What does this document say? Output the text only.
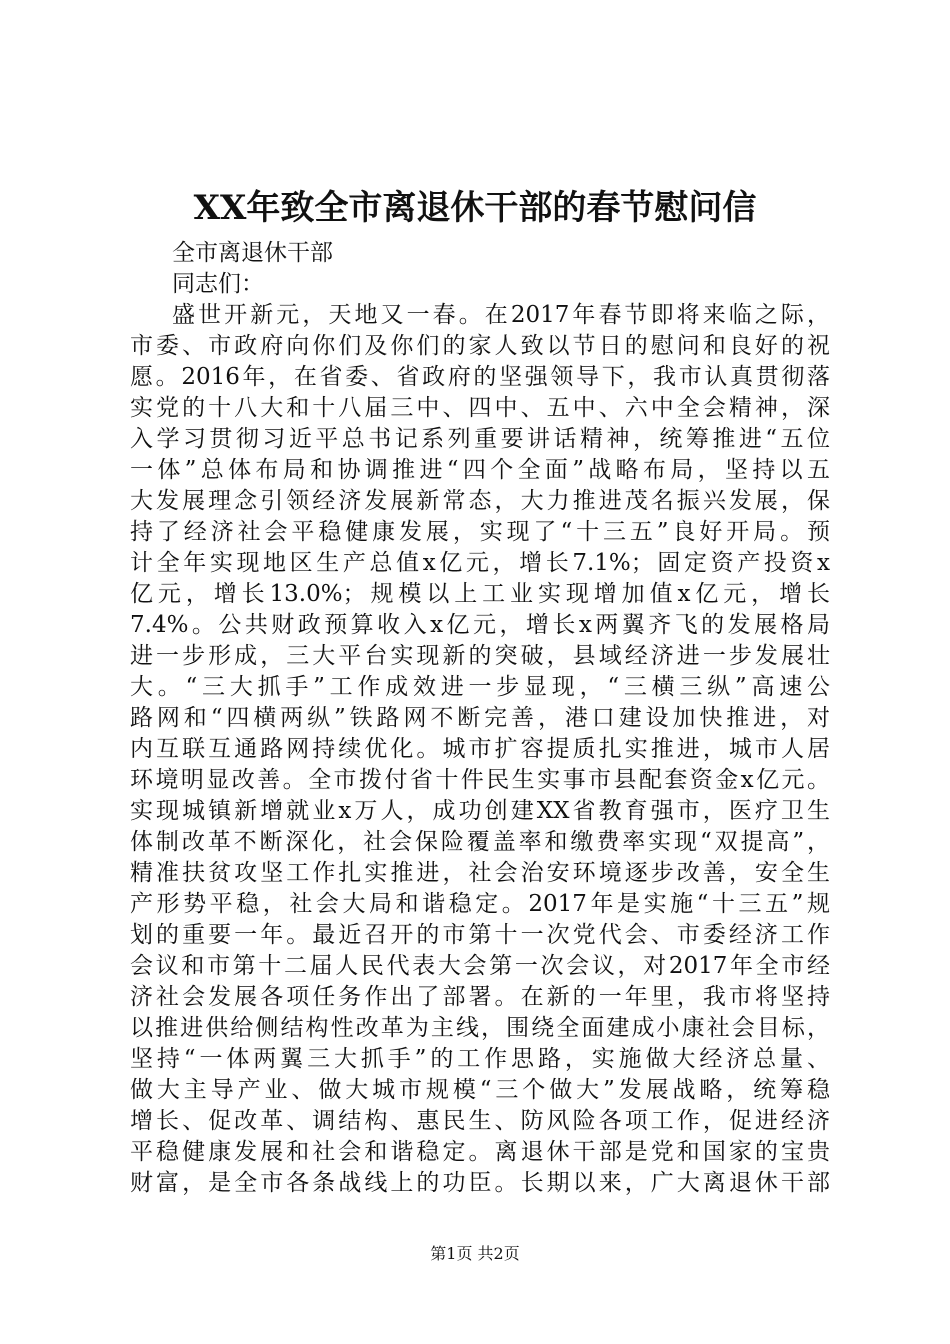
XX年致全市离退休干部的春节慰问信
全市离退休干部
同志们：
盛世开新元，天地又一春。在2017年春节即将来临之际，
市委、市政府向你们及你们的家人致以节日的慰问和良好的祝
愿。2016年，在省委、省政府的坚强领导下，我市认真贯彻落
实党的十八大和十八届三中、四中、五中、六中全会精神，深
入学习贯彻习近平总书记系列重要讲话精神，统筹推进“五位
一体”总体布局和协调推进“四个全面”战略布局，坚持以五
大发展理念引领经济发展新常态，大力推进茂名振兴发展，保
持了经济社会平稳健康发展，实现了“十三五”良好开局。预
计全年实现地区生产总值x亿元，增长7.1%；固定资产投资x
亿元，增长13.0%；规模以上工业实现增加值x亿元，增长
7.4%。公共财政预算收入x亿元，增长x两翼齐飞的发展格局
进一步形成，三大平台实现新的突破，县域经济进一步发展壮
大。“三大抓手”工作成效进一步显现，“三横三纵”高速公
路网和“四横两纵”铁路网不断完善，港口建设加快推进，对
内互联互通路网持续优化。城市扩容提质扎实推进，城市人居
环境明显改善。全市拨付省十件民生实事市县配套资金x亿元。
实现城镇新增就业x万人，成功创建XX省教育强市，医疗卫生
体制改革不断深化，社会保险覆盖率和缴费率实现“双提高”，
精准扶贫攻坚工作扎实推进，社会治安环境逐步改善，安全生
产形势平稳，社会大局和谐稳定。2017年是实施“十三五”规
划的重要一年。最近召开的市第十一次党代会、市委经济工作
会议和市第十二届人民代表大会第一次会议，对2017年全市经
济社会发展各项任务作出了部署。在新的一年里，我市将坚持
以推进供给侧结构性改革为主线，围绕全面建成小康社会目标，
坚持“一体两翼三大抓手”的工作思路，实施做大经济总量、
做大主导产业、做大城市规模“三个做大”发展战略，统筹稳
增长、促改革、调结构、惠民生、防风险各项工作，促进经济
平稳健康发展和社会和谐稳定。离退休干部是党和国家的宝贵
财富，是全市各条战线上的功臣。长期以来，广大离退休干部
第1页 共2页
